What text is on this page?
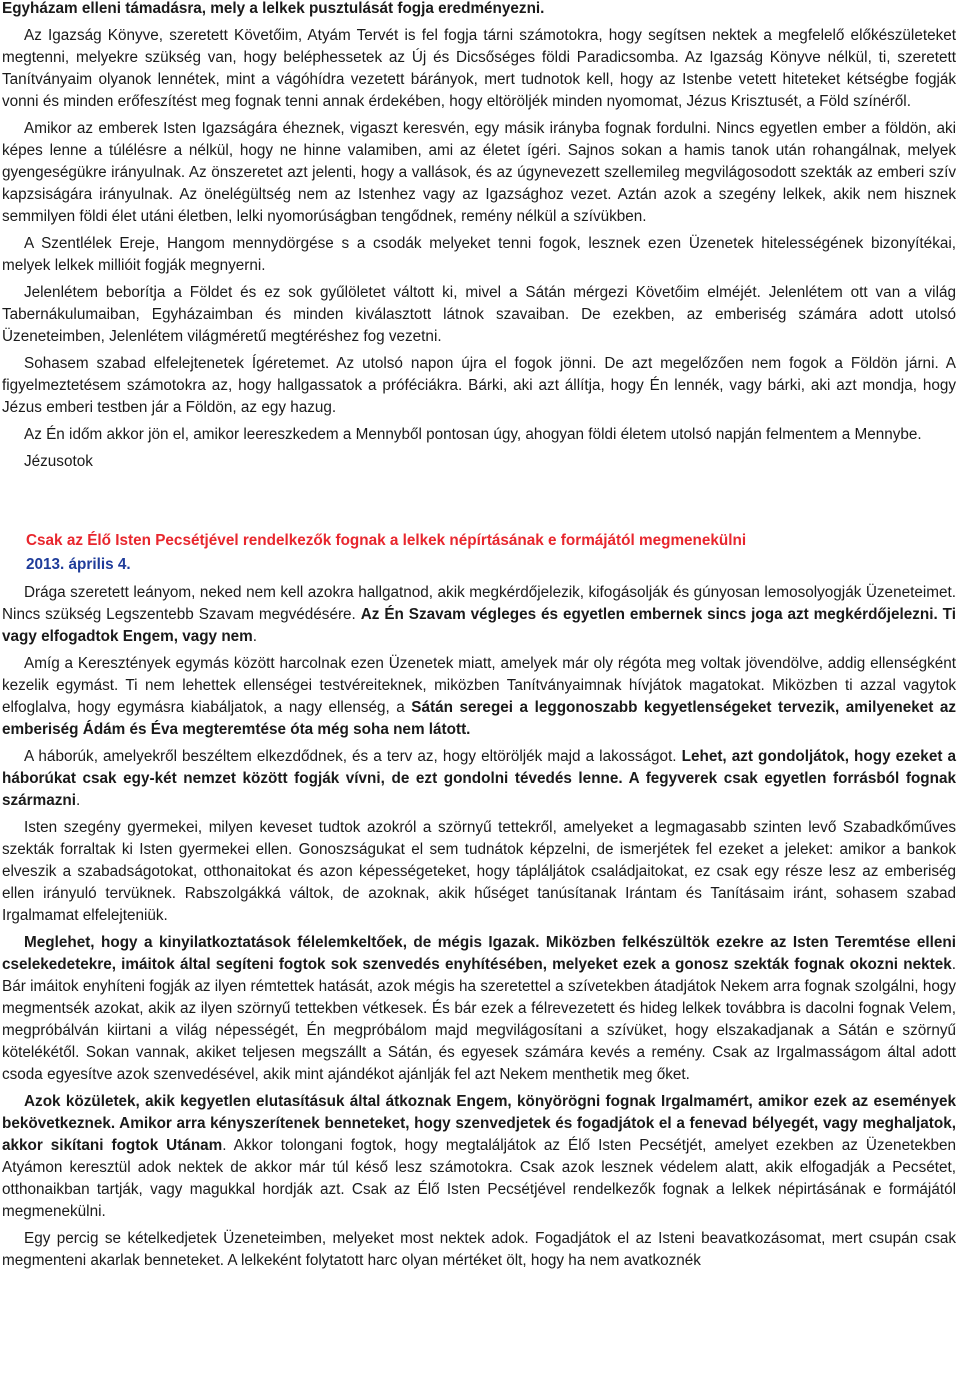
Egyházam elleni támadásra, mely a lelkek pusztulását fogja eredményezni.

Az Igazság Könyve, szeretett Követőim, Atyám Tervét is fel fogja tárni számotokra, hogy segítsen nektek a megfelelő előkészületeket megtenni, melyekre szükség van, hogy beléphessetek az Új és Dicsőséges földi Paradicsomba. Az Igazság Könyve nélkül, ti, szeretett Tanítványaim olyanok lennétek, mint a vágóhídra vezetett bárányok, mert tudnotok kell, hogy az Istenbe vetett hiteteket kétségbe fogják vonni és minden erőfeszítést meg fognak tenni annak érdekében, hogy eltöröljék minden nyomomat, Jézus Krisztusét, a Föld színéről.

Amikor az emberek Isten Igazságára éheznek, vigaszt keresvén, egy másik irányba fognak fordulni. Nincs egyetlen ember a földön, aki képes lenne a túlélésre a nélkül, hogy ne hinne valamiben, ami az életet ígéri. Sajnos sokan a hamis tanok után rohangálnak, melyek gyengeségükre irányulnak. Az önszeretet azt jelenti, hogy a vallások, és az úgynevezett szellemileg megvilágosodott szekták az emberi szív kapzsiságára irányulnak. Az önelégültség nem az Istenhez vagy az Igazsághoz vezet. Aztán azok a szegény lelkek, akik nem hisznek semmilyen földi élet utáni életben, lelki nyomorúságban tengődnek, remény nélkül a szívükben.

A Szentlélek Ereje, Hangom mennydörgése s a csodák melyeket tenni fogok, lesznek ezen Üzenetek hitelességének bizonyítékai, melyek lelkek millióit fogják megnyerni.

Jelenlétem beborítja a Földet és ez sok gyűlöletet váltott ki, mivel a Sátán mérgezi Követőim elméjét. Jelenlétem ott van a világ Tabernákulumaiban, Egyházaimban és minden kiválasztott látnok szavaiban. De ezekben, az emberiség számára adott utolsó Üzeneteimben, Jelenlétem világméretű megtéréshez fog vezetni.

Sohasem szabad elfelejtenetek Ígéretemet. Az utolsó napon újra el fogok jönni. De azt megelőzően nem fogok a Földön járni. A figyelmeztetésem számotokra az, hogy hallgassatok a próféciákra. Bárki, aki azt állítja, hogy Én lennék, vagy bárki, aki azt mondja, hogy Jézus emberi testben jár a Földön, az egy hazug.

Az Én időm akkor jön el, amikor leereszkedem a Mennyből pontosan úgy, ahogyan földi életem utolsó napján felmentem a Mennybe.

Jézusotok

Csak az Élő Isten Pecsétjével rendelkezők fognak a lelkek népírtásának e formájától megmenekülni

2013. április 4.

Drága szeretett leányom, neked nem kell azokra hallgatnod, akik megkérdőjelezik, kifogásolják és gúnyosan lemosolyogják Üzeneteimet. Nincs szükség Legszentebb Szavam megvédésére. Az Én Szavam végleges és egyetlen embernek sincs joga azt megkérdőjelezni. Ti vagy elfogadtok Engem, vagy nem.

Amíg a Keresztények egymás között harcolnak ezen Üzenetek miatt, amelyek már oly régóta meg voltak jövendölve, addig ellenségként kezelik egymást. Ti nem lehettek ellenségei testvéreiteknek, miközben Tanítványaimnak hívjátok magatokat. Miközben ti azzal vagytok elfoglalva, hogy egymásra kiabáljatok, a nagy ellenség, a Sátán seregei a leggonoszabb kegyetlenségeket tervezik, amilyeneket az emberiség Ádám és Éva megteremtése óta még soha nem látott.

A háborúk, amelyekről beszéltem elkezdődnek, és a terv az, hogy eltöröljék majd a lakosságot. Lehet, azt gondoljátok, hogy ezeket a háborúkat csak egy-két nemzet között fogják vívni, de ezt gondolni tévedés lenne. A fegyverek csak egyetlen forrásból fognak származni.

Isten szegény gyermekei, milyen keveset tudtok azokról a szörnyű tettekről, amelyeket a legmagasabb szinten levő Szabadkőműves szekták forraltak ki Isten gyermekei ellen. Gonoszságukat el sem tudnátok képzelni, de ismerjétek fel ezeket a jeleket: amikor a bankok elveszik a szabadságotokat, otthonaitokat és azon képességeteket, hogy tápláljátok családjaitokat, ez csak egy része lesz az emberiség ellen irányuló tervüknek. Rabszolgákká váltok, de azoknak, akik hűséget tanúsítanak Irántam és Tanításaim iránt, sohasem szabad Irgalmamat elfelejteniük.

Meglehet, hogy a kinyilatkoztatások félelemkeltőek, de mégis Igazak. Miközben felkészültök ezekre az Isten Teremtése elleni cselekedetekre, imáitok által segíteni fogtok sok szenvedés enyhítésében, melyeket ezek a gonosz szekták fognak okozni nektek. Bár imáitok enyhíteni fogják az ilyen rémtettek hatását, azok mégis ha szeretettel a szívetekben átadjátok Nekem arra fognak szolgálni, hogy megmentsék azokat, akik az ilyen szörnyű tettekben vétkesek. És bár ezek a félrevezetett és hideg lelkek továbbra is dacolni fognak Velem, megpróbálván kiirtani a világ népességét, Én megpróbálom majd megvilágosítani a szívüket, hogy elszakadjanak a Sátán e szörnyű kötelékétől. Sokan vannak, akiket teljesen megszállt a Sátán, és egyesek számára kevés a remény. Csak az Irgalmasságom által adott csoda egyesítve azok szenvedésével, akik mint ajándékot ajánlják fel azt Nekem menthetik meg őket.

Azok közületek, akik kegyetlen elutasításuk által átkoznak Engem, könyörögni fognak Irgalmamért, amikor ezek az események bekövetkeznek. Amikor arra kényszerítenek benneteket, hogy szenvedjetek és fogadjátok el a fenevad bélyegét, vagy meghaljatok, akkor sikítani fogtok Utánam. Akkor tolongani fogtok, hogy megtaláljátok az Élő Isten Pecsétjét, amelyet ezekben az Üzenetekben Atyámon keresztül adok nektek de akkor már túl késő lesz számotokra. Csak azok lesznek védelem alatt, akik elfogadják a Pecsétet, otthonaikban tartják, vagy magukkal hordják azt. Csak az Élő Isten Pecsétjével rendelkezők fognak a lelkek népirtásának e formájától megmenekülni.

Egy percig se kételkedjetek Üzeneteimben, melyeket most nektek adok. Fogadjátok el az Isteni beavatkozásomat, mert csupán csak megmenteni akarlak benneteket. A lelkeként folytatott harc olyan mértéket ölt, hogy ha nem avatkoznék
